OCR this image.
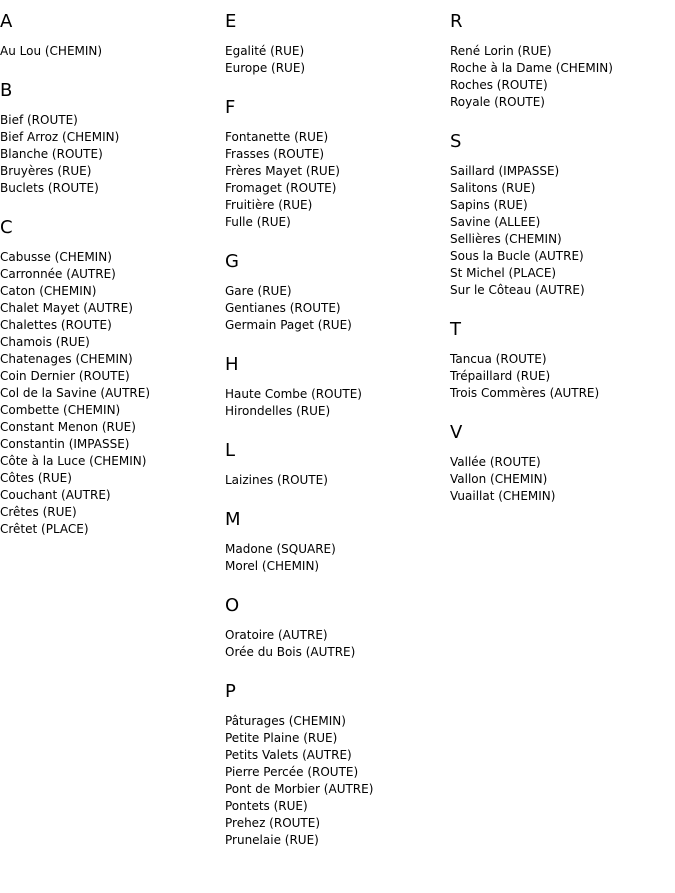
A
Au Lou (CHEMIN)
B
Bief (ROUTE)
Bief Arroz (CHEMIN)
Blanche (ROUTE)
Bruyères (RUE)
Buclets (ROUTE)
C
Cabusse (CHEMIN)
Carronnée (AUTRE)
Caton (CHEMIN)
Chalet Mayet (AUTRE)
Chalettes (ROUTE)
Chamois (RUE)
Chatenages (CHEMIN)
Coin Dernier (ROUTE)
Col de la Savine (AUTRE)
Combette (CHEMIN)
Constant Menon (RUE)
Constantin (IMPASSE)
Côte à la Luce (CHEMIN)
Côtes (RUE)
Couchant (AUTRE)
Crêtes (RUE)
Crêtet (PLACE)
E
Egalité (RUE)
Europe (RUE)
F
Fontanette (RUE)
Frasses (ROUTE)
Frères Mayet (RUE)
Fromaget (ROUTE)
Fruitière (RUE)
Fulle (RUE)
G
Gare (RUE)
Gentianes (ROUTE)
Germain Paget (RUE)
H
Haute Combe (ROUTE)
Hirondelles (RUE)
L
Laizines (ROUTE)
M
Madone (SQUARE)
Morel (CHEMIN)
O
Oratoire (AUTRE)
Orée du Bois (AUTRE)
P
Pâturages (CHEMIN)
Petite Plaine (RUE)
Petits Valets (AUTRE)
Pierre Percée (ROUTE)
Pont de Morbier (AUTRE)
Pontets (RUE)
Prehez (ROUTE)
Prunelaie (RUE)
R
René Lorin (RUE)
Roche à la Dame (CHEMIN)
Roches (ROUTE)
Royale (ROUTE)
S
Saillard (IMPASSE)
Salitons (RUE)
Sapins (RUE)
Savine (ALLEE)
Sellières (CHEMIN)
Sous la Bucle (AUTRE)
St Michel (PLACE)
Sur le Côteau (AUTRE)
T
Tancua (ROUTE)
Trépaillard (RUE)
Trois Commères (AUTRE)
V
Vallée (ROUTE)
Vallon (CHEMIN)
Vuaillat (CHEMIN)
